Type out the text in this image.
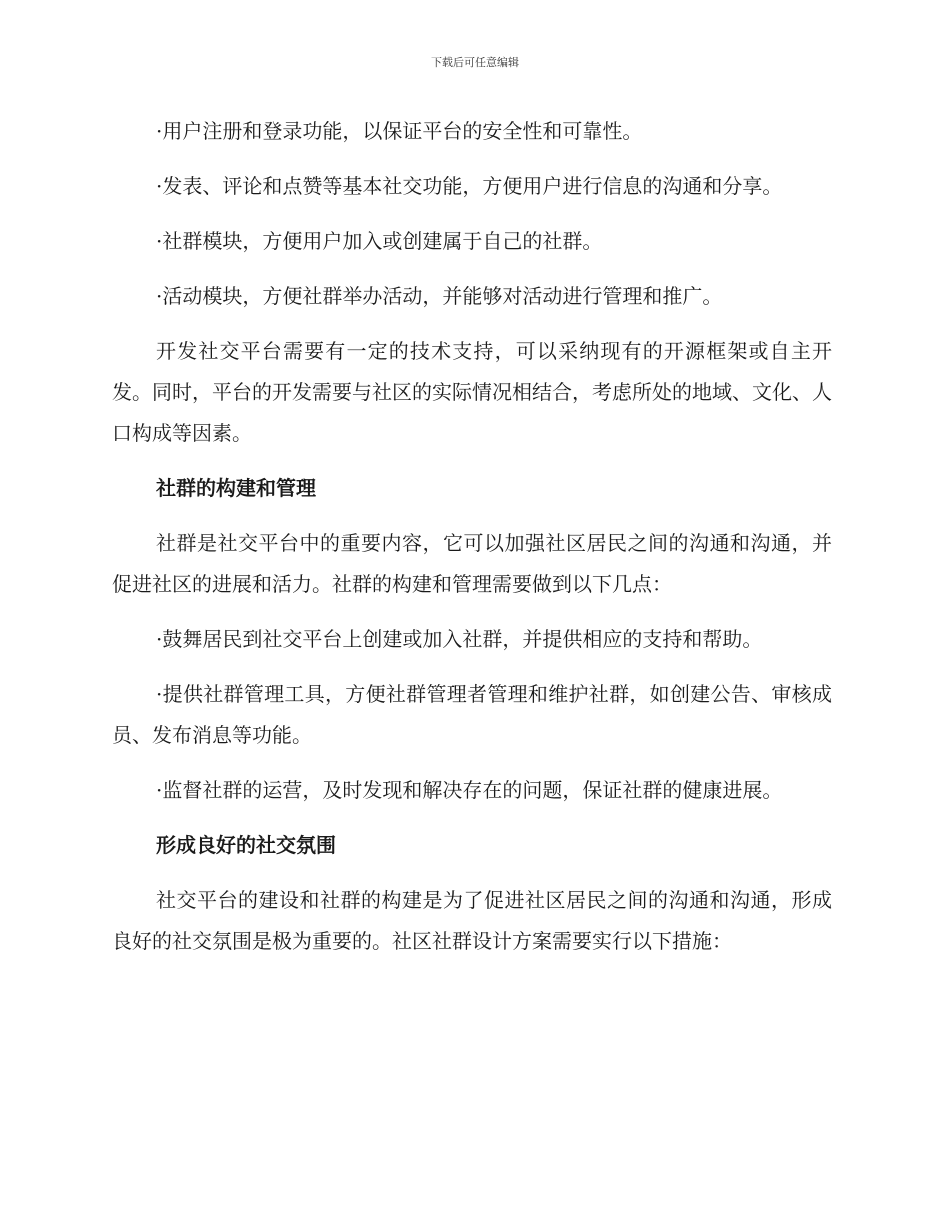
下载后可任意编辑

·用户注册和登录功能，以保证平台的安全性和可靠性。

·发表、评论和点赞等基本社交功能，方便用户进行信息的沟通和分享。

·社群模块，方便用户加入或创建属于自己的社群。

·活动模块，方便社群举办活动，并能够对活动进行管理和推广。

开发社交平台需要有一定的技术支持，可以采纳现有的开源框架或自主开发。同时，平台的开发需要与社区的实际情况相结合，考虑所处的地域、文化、人口构成等因素。

社群的构建和管理

社群是社交平台中的重要内容，它可以加强社区居民之间的沟通和沟通，并促进社区的进展和活力。社群的构建和管理需要做到以下几点：

·鼓舞居民到社交平台上创建或加入社群，并提供相应的支持和帮助。

·提供社群管理工具，方便社群管理者管理和维护社群，如创建公告、审核成员、发布消息等功能。

·监督社群的运营，及时发现和解决存在的问题，保证社群的健康进展。

形成良好的社交氛围

社交平台的建设和社群的构建是为了促进社区居民之间的沟通和沟通，形成良好的社交氛围是极为重要的。社区社群设计方案需要实行以下措施：
